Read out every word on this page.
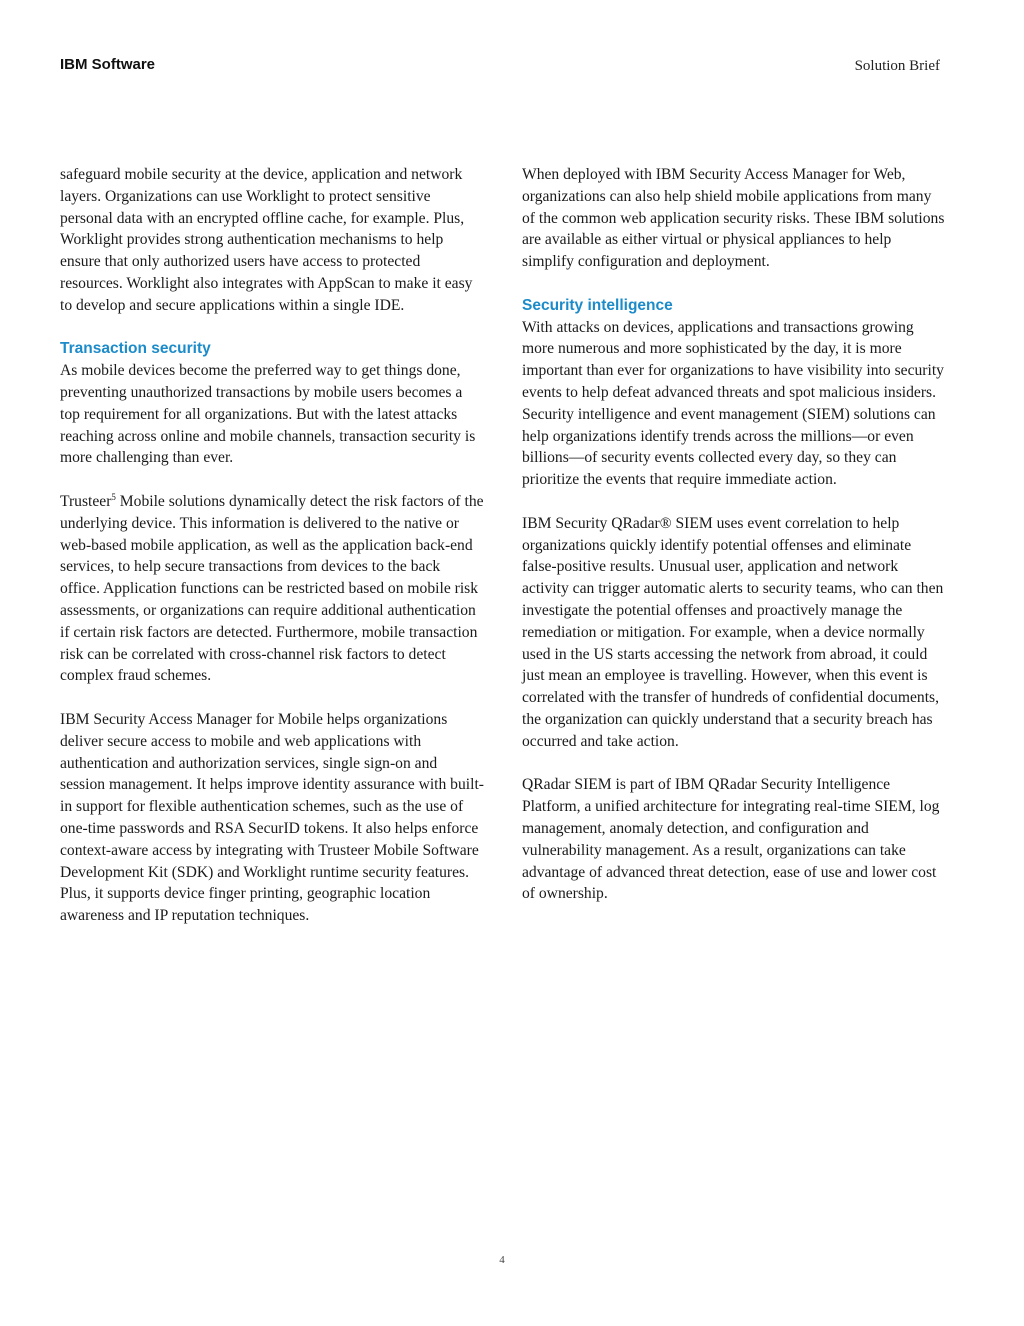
IBM Software	Solution Brief

safeguard mobile security at the device, application and network layers. Organizations can use Worklight to protect sensitive personal data with an encrypted offline cache, for example. Plus, Worklight provides strong authentication mechanisms to help ensure that only authorized users have access to protected resources. Worklight also integrates with AppScan to make it easy to develop and secure applications within a single IDE.

Transaction security

As mobile devices become the preferred way to get things done, preventing unauthorized transactions by mobile users becomes a top requirement for all organizations. But with the latest attacks reaching across online and mobile channels, transaction security is more challenging than ever.

Trusteer$^5$ Mobile solutions dynamically detect the risk factors of the underlying device. This information is delivered to the native or web-based mobile application, as well as the application back-end services, to help secure transactions from devices to the back office. Application functions can be restricted based on mobile risk assessments, or organizations can require additional authentication if certain risk factors are detected. Furthermore, mobile transaction risk can be correlated with cross-channel risk factors to detect complex fraud schemes.

IBM Security Access Manager for Mobile helps organizations deliver secure access to mobile and web applications with authentication and authorization services, single sign-on and session management. It helps improve identity assurance with built-in support for flexible authentication schemes, such as the use of one-time passwords and RSA SecurID tokens. It also helps enforce context-aware access by integrating with Trusteer Mobile Software Development Kit (SDK) and Worklight runtime security features. Plus, it supports device finger printing, geographic location awareness and IP reputation techniques.

When deployed with IBM Security Access Manager for Web, organizations can also help shield mobile applications from many of the common web application security risks. These IBM solutions are available as either virtual or physical appliances to help simplify configuration and deployment.

Security intelligence

With attacks on devices, applications and transactions growing more numerous and more sophisticated by the day, it is more important than ever for organizations to have visibility into security events to help defeat advanced threats and spot malicious insiders. Security intelligence and event management (SIEM) solutions can help organizations identify trends across the millions—or even billions—of security events collected every day, so they can prioritize the events that require immediate action.

IBM Security QRadar® SIEM uses event correlation to help organizations quickly identify potential offenses and eliminate false-positive results. Unusual user, application and network activity can trigger automatic alerts to security teams, who can then investigate the potential offenses and proactively manage the remediation or mitigation. For example, when a device normally used in the US starts accessing the network from abroad, it could just mean an employee is travelling. However, when this event is correlated with the transfer of hundreds of confidential documents, the organization can quickly understand that a security breach has occurred and take action.

QRadar SIEM is part of IBM QRadar Security Intelligence Platform, a unified architecture for integrating real-time SIEM, log management, anomaly detection, and configuration and vulnerability management. As a result, organizations can take advantage of advanced threat detection, ease of use and lower cost of ownership.

4
